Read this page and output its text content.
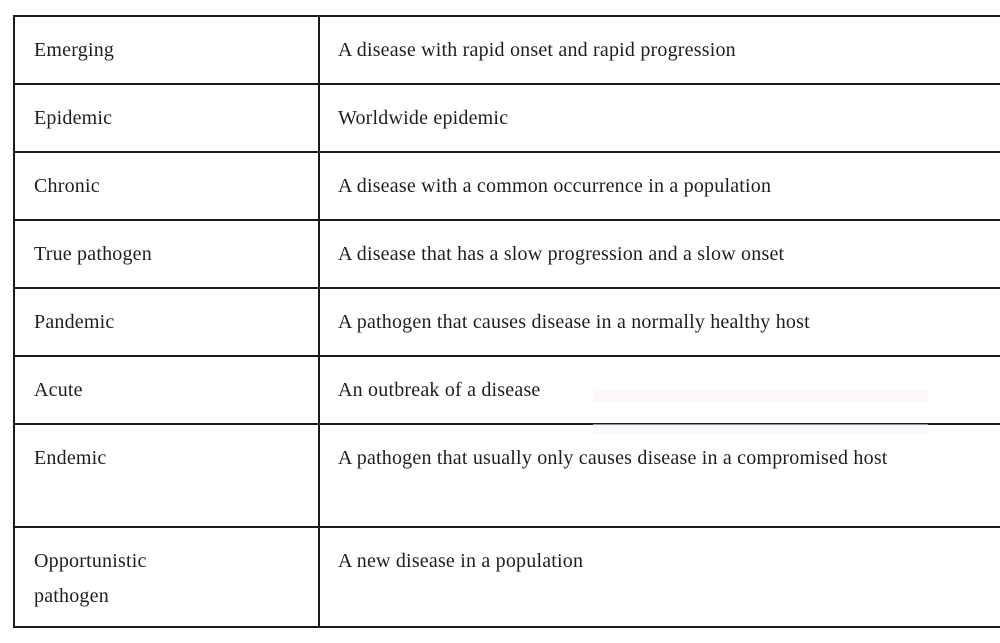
Emerging	A disease with rapid onset and rapid progression
Epidemic	Worldwide epidemic
Chronic	A disease with a common occurrence in a population
True pathogen	A disease that has a slow progression and a slow onset
Pandemic	A pathogen that causes disease in a normally healthy host
Acute	An outbreak of a disease
Endemic	A pathogen that usually only causes disease in a compromised host
Opportunistic pathogen	A new disease in a population
